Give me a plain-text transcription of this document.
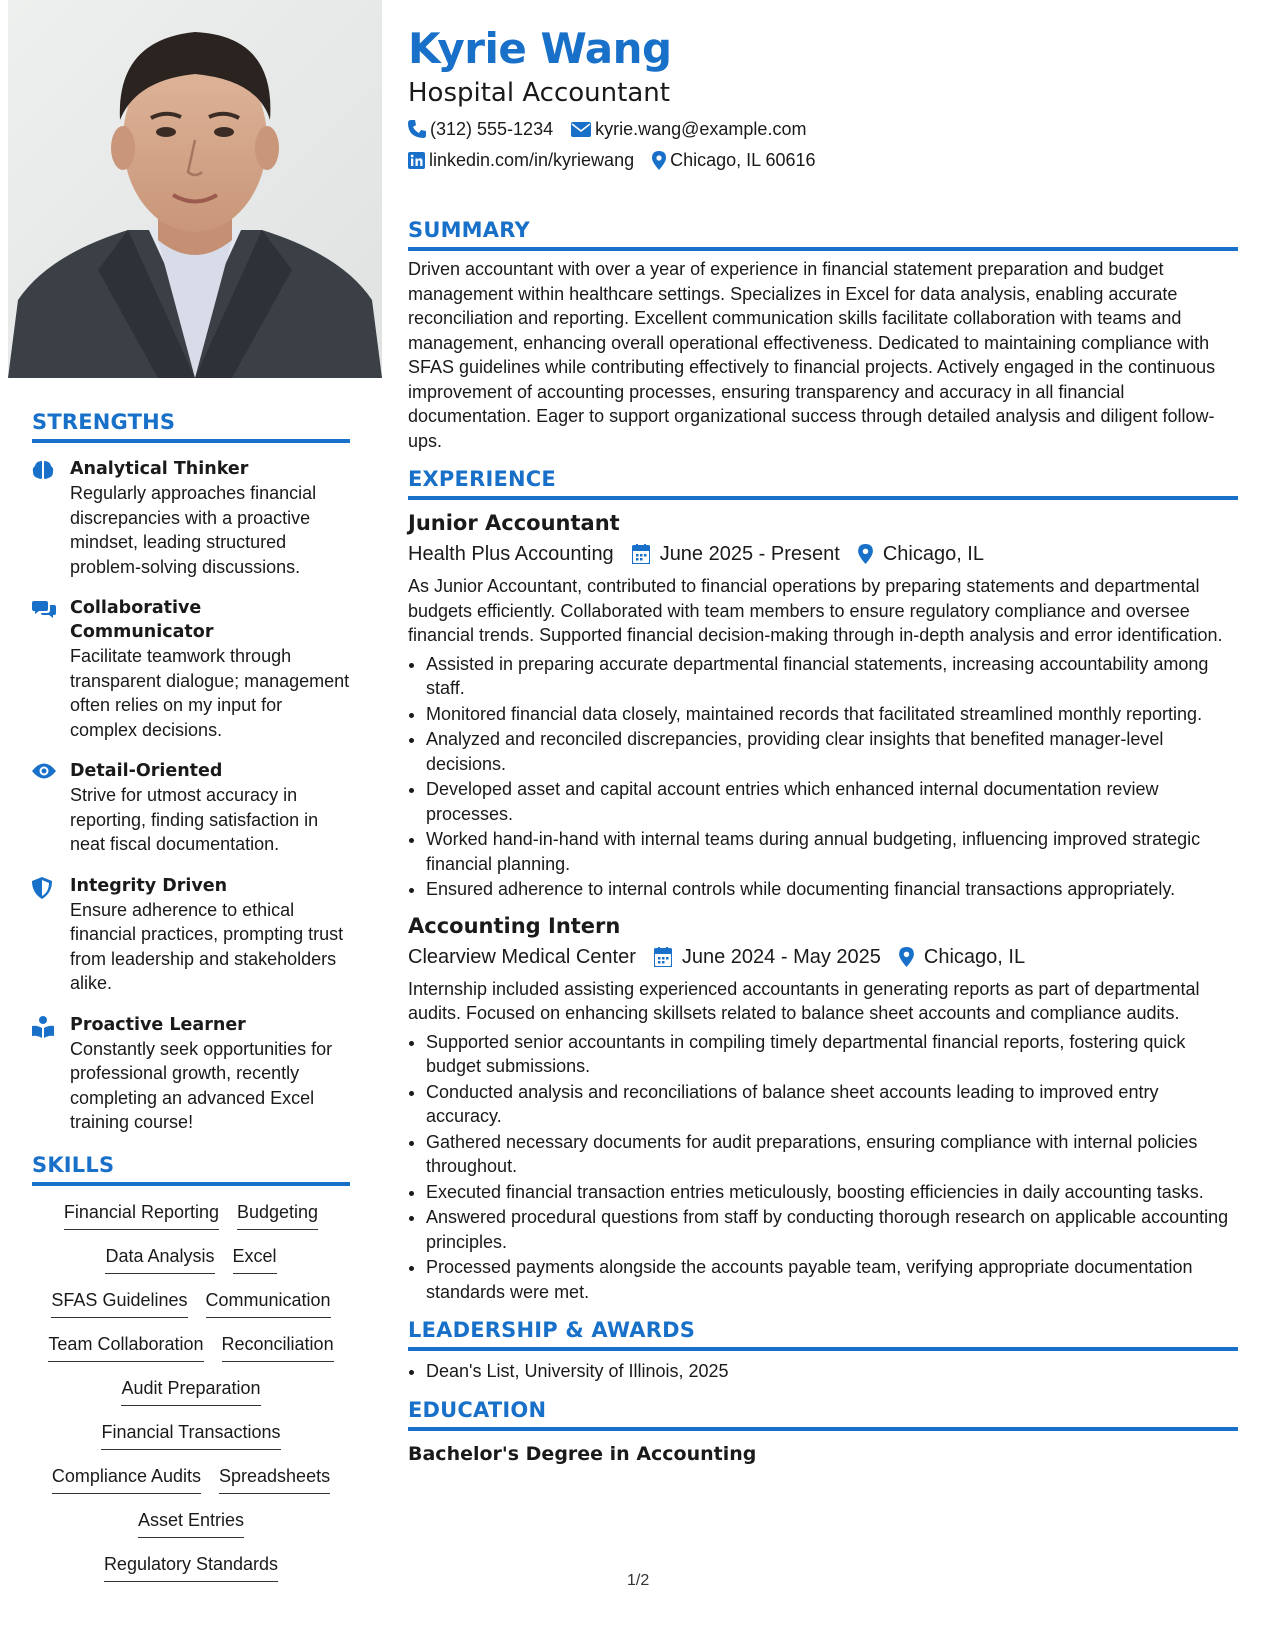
STRENGTHS
Analytical Thinker
Regularly approaches financial discrepancies with a proactive mindset, leading structured problem-solving discussions.
Collaborative Communicator
Facilitate teamwork through transparent dialogue; management often relies on my input for complex decisions.
Detail-Oriented
Strive for utmost accuracy in reporting, finding satisfaction in neat fiscal documentation.
Integrity Driven
Ensure adherence to ethical financial practices, prompting trust from leadership and stakeholders alike.
Proactive Learner
Constantly seek opportunities for professional growth, recently completing an advanced Excel training course!
SKILLS
Financial Reporting Budgeting
Data Analysis Excel
SFAS Guidelines Communication
Team Collaboration Reconciliation
Audit Preparation
Financial Transactions
Compliance Audits Spreadsheets
Asset Entries
Regulatory Standards
Kyrie Wang
Hospital Accountant
(312) 555-1234 kyrie.wang@example.com
linkedin.com/in/kyriewang Chicago, IL 60616
SUMMARY
Driven accountant with over a year of experience in financial statement preparation and budget management within healthcare settings. Specializes in Excel for data analysis, enabling accurate reconciliation and reporting. Excellent communication skills facilitate collaboration with teams and management, enhancing overall operational effectiveness. Dedicated to maintaining compliance with SFAS guidelines while contributing effectively to financial projects. Actively engaged in the continuous improvement of accounting processes, ensuring transparency and accuracy in all financial documentation. Eager to support organizational success through detailed analysis and diligent follow-ups.
EXPERIENCE
Junior Accountant
Health Plus Accounting June 2025 - Present Chicago, IL
As Junior Accountant, contributed to financial operations by preparing statements and departmental budgets efficiently. Collaborated with team members to ensure regulatory compliance and oversee financial trends. Supported financial decision-making through in-depth analysis and error identification.
• Assisted in preparing accurate departmental financial statements, increasing accountability among staff.
• Monitored financial data closely, maintained records that facilitated streamlined monthly reporting.
• Analyzed and reconciled discrepancies, providing clear insights that benefited manager-level decisions.
• Developed asset and capital account entries which enhanced internal documentation review processes.
• Worked hand-in-hand with internal teams during annual budgeting, influencing improved strategic financial planning.
• Ensured adherence to internal controls while documenting financial transactions appropriately.
Accounting Intern
Clearview Medical Center June 2024 - May 2025 Chicago, IL
Internship included assisting experienced accountants in generating reports as part of departmental audits. Focused on enhancing skillsets related to balance sheet accounts and compliance audits.
• Supported senior accountants in compiling timely departmental financial reports, fostering quick budget submissions.
• Conducted analysis and reconciliations of balance sheet accounts leading to improved entry accuracy.
• Gathered necessary documents for audit preparations, ensuring compliance with internal policies throughout.
• Executed financial transaction entries meticulously, boosting efficiencies in daily accounting tasks.
• Answered procedural questions from staff by conducting thorough research on applicable accounting principles.
• Processed payments alongside the accounts payable team, verifying appropriate documentation standards were met.
LEADERSHIP & AWARDS
• Dean's List, University of Illinois, 2025
EDUCATION
Bachelor's Degree in Accounting
1/2
